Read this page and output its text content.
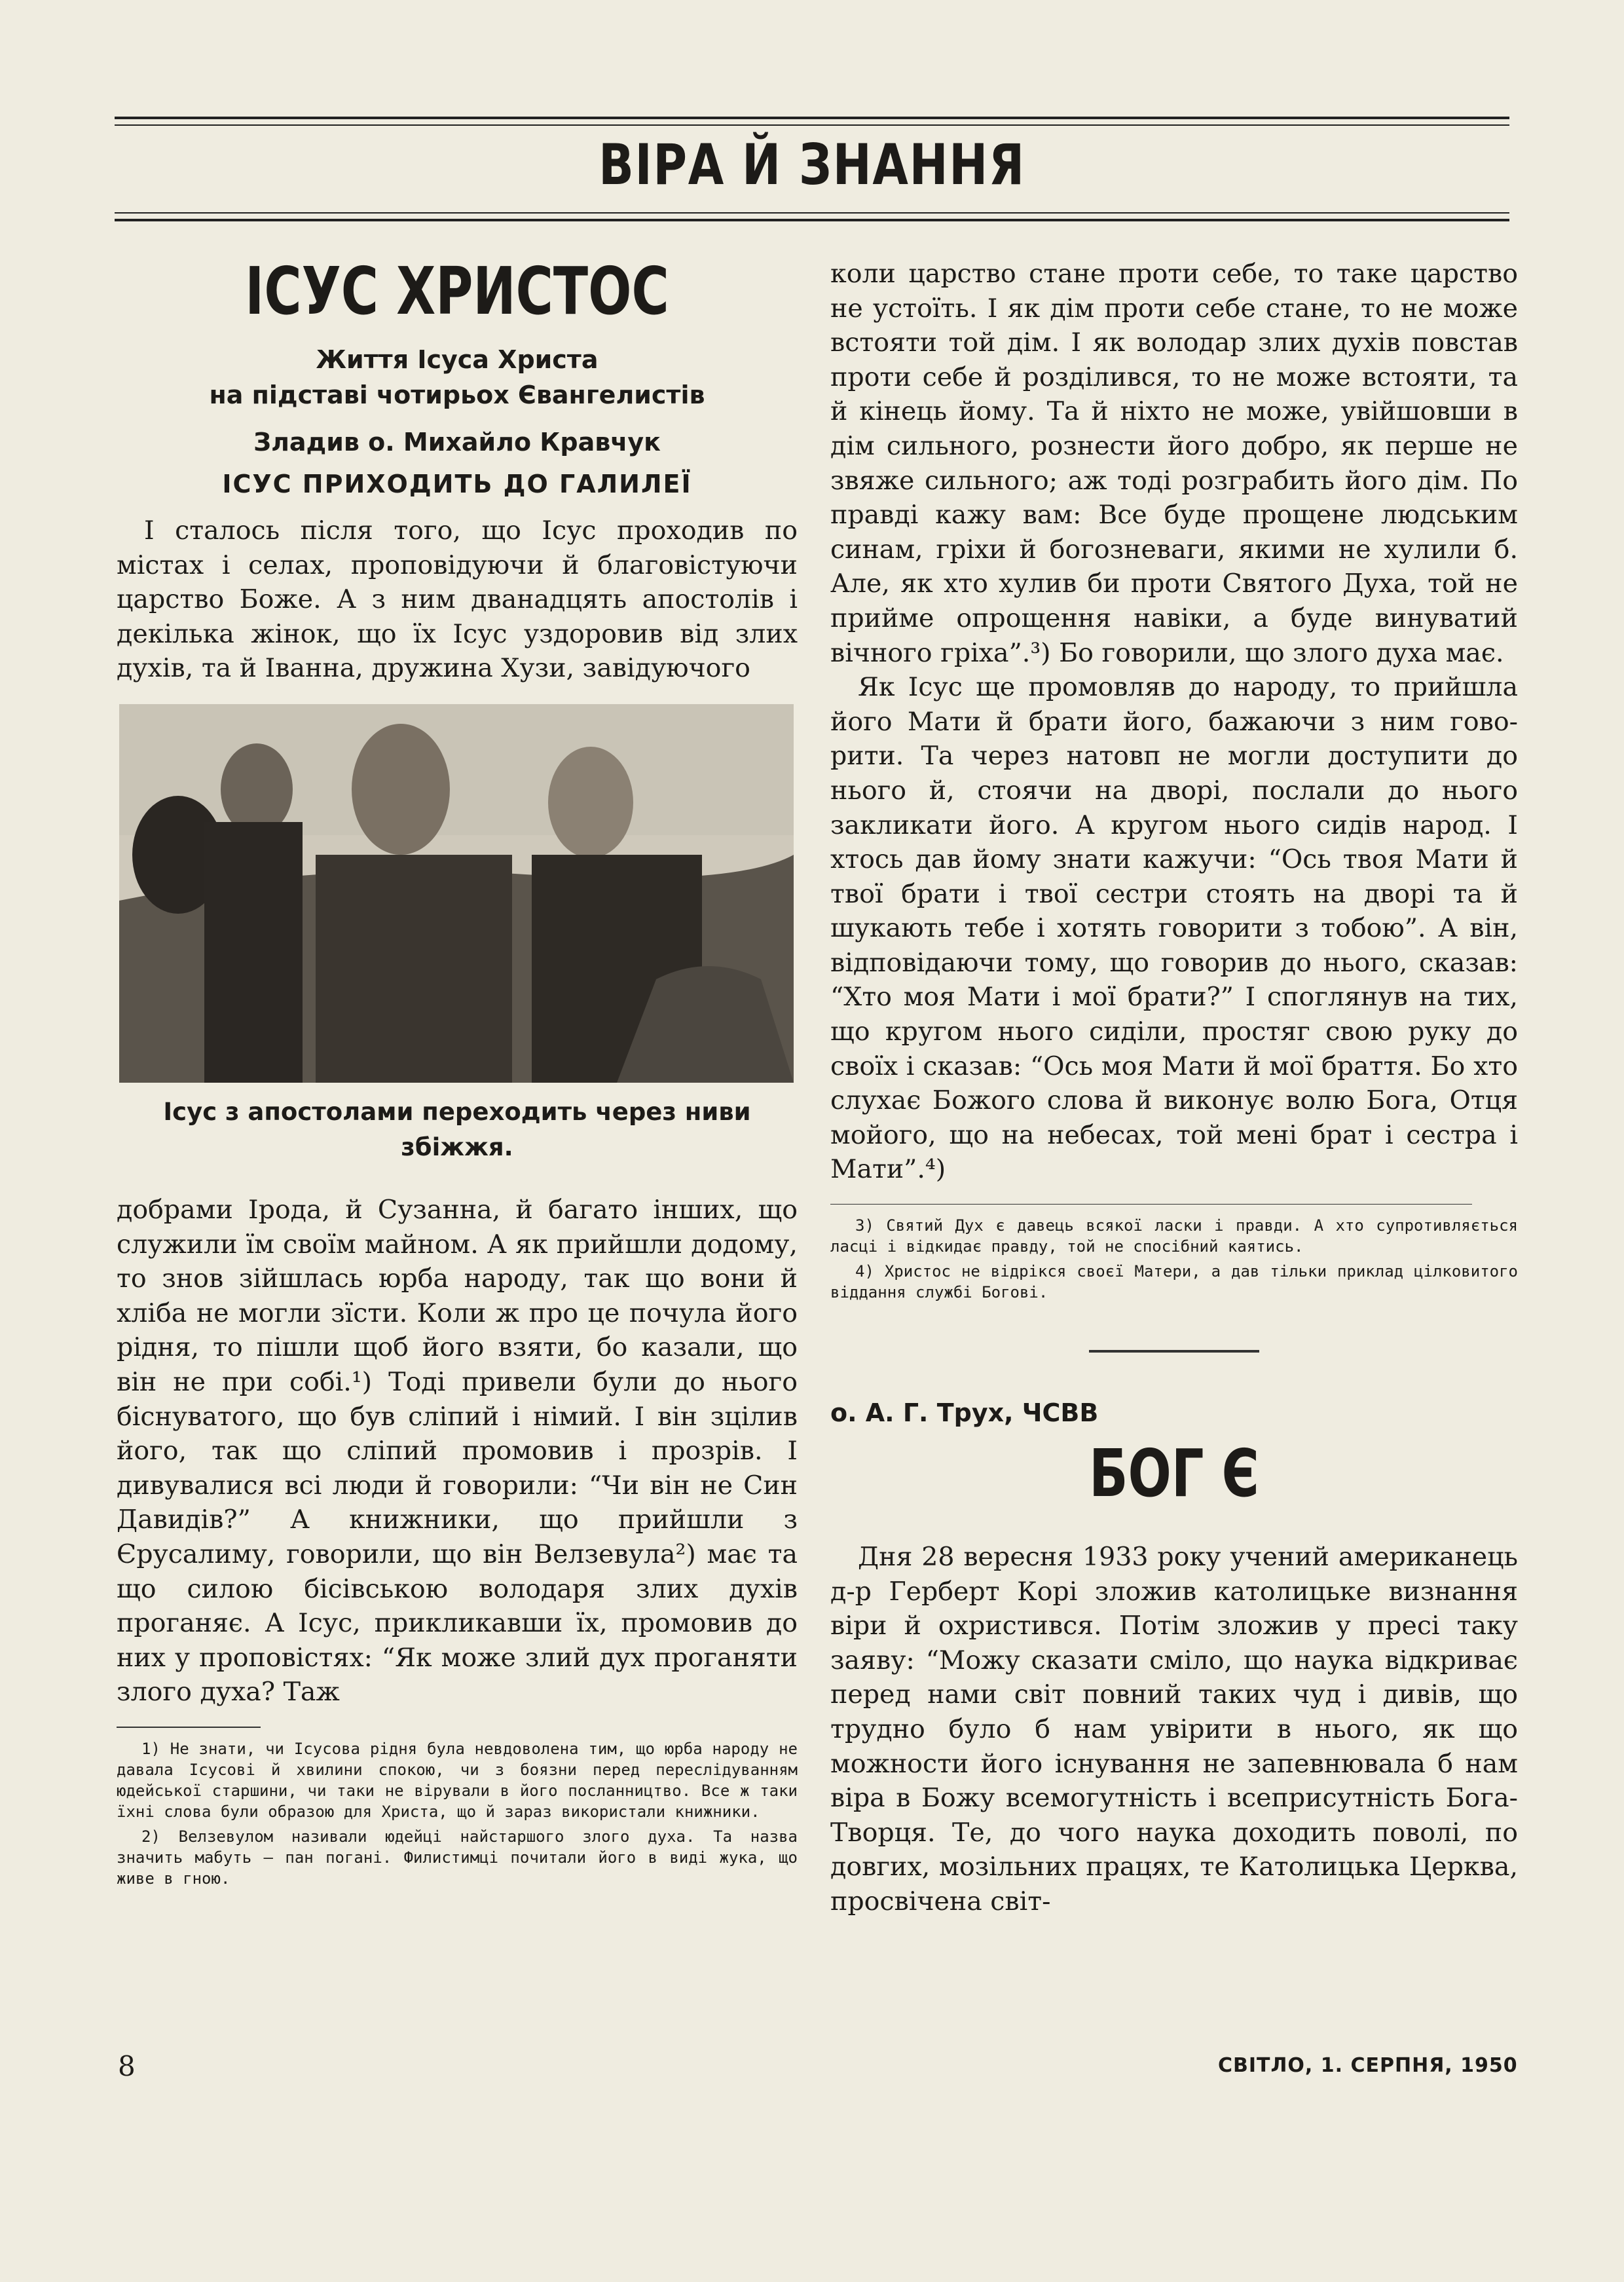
ВІРА Й ЗНАННЯ
ІСУС ХРИСТОС

Життя Ісуса Христа

на підставі чотирьох Євангелистів

Зладив о. Михайло Кравчук

ІСУС ПРИХОДИТЬ ДО ГАЛИЛЕЇ

І сталось після того, що Ісус проходив по містах і селах, проповідуючи й благовістуючи царство Боже. А з ним дванадцять апостолів і декілька жінок, що їх Ісус уздоровив від злих духів, та й Іванна, дружина Хузи, завідуючого

Ісус з апостолами переходить через ниви збіжжя.

добрами Ірода, й Сузанна, й багато інших, що служили їм своїм майном. А як прийшли додому, то знов зійшлась юрба народу, так що вони й хліба не могли зїсти. Коли ж про це почула його рідня, то пішли щоб його взяти, бо казали, що він не при собі.¹) Тоді привели були до нього біснуватого, що був сліпий і німий. І він зцілив його, так що сліпий промовив і прозрів. І дивувалися всі люди й говорили: “Чи він не Син Давидів?” А книжники, що прийшли з Єрусалиму, говорили, що він Велзевула²) має та що силою бісівською володаря злих духів проганяє. А Ісус, прикликавши їх, промовив до них у проповістях: “Як може злий дух проганяти злого духа? Таж

1) Не знати, чи Ісусова рідня була невдоволена тим, що юрба народу не давала Ісусові й хвилини спокою, чи з боязни перед переслідуванням юдейської старшини, чи таки не вірували в його посланництво. Все ж таки їхні слова були образою для Христа, що й зараз використали книжники.

2) Велзевулом називали юдейці найстаршого злого духа. Та назва значить мабуть — пан погані. Филистимці почитали його в виді жука, що живе в гною.

коли царство стане проти себе, то таке царство не устоїть. І як дім проти себе стане, то не може встояти той дім. І як володар злих духів повстав проти себе й розділився, то не може встояти, та й кінець йому. Та й ніхто не може, увійшовши в дім сильного, рознести його добро, як перше не звяже сильного; аж тоді розграбить його дім. По правді кажу вам: Все буде прощене людським синам, гріхи й богозневаги, якими не хулили б. Але, як хто хулив би проти Святого Духа, той не прийме опрощення навіки, а буде винуватий вічного гріха”.³) Бо говорили, що злого духа має.

Як Ісус ще промовляв до народу, то прийшла його Мати й брати його, бажаючи з ним говорити. Та через натовп не могли доступити до нього й, стоячи на дворі, послали до нього закликати його. А кругом нього сидів народ. І хтось дав йому знати кажучи: “Ось твоя Мати й твої брати і твої сестри стоять на дворі та й шукають тебе і хотять говорити з тобою”. А він, відповідаючи тому, що говорив до нього, сказав: “Хто моя Мати і мої брати?” І споглянув на тих, що кругом нього сиділи, простяг свою руку до своїх і сказав: “Ось моя Мати й мої браття. Бо хто слухає Божого слова й виконує волю Бога, Отця мойого, що на небесах, той мені брат і сестра і Мати”.⁴)

3) Святий Дух є давець всякої ласки і правди. А хто супротивляється ласці і відкидає правду, той не спосібний каятись.

4) Христос не відрікся своєї Матери, а дав тільки приклад цілковитого віддання службі Богові.

о. А. Г. Трух, ЧСВВ

БОГ Є

Дня 28 вересня 1933 року учений американець д-р Герберт Корі зложив католицьке визнання віри й охристився. Потім зложив у пресі таку заяву: “Можу сказати сміло, що наука відкриває перед нами світ повний таких чуд і дивів, що трудно було б нам увірити в нього, як що можности його існування не запевнювала б нам віра в Божу всемогутність і всеприсутність Бога-Творця. Те, до чого наука доходить поволі, по довгих, мозільних працях, те Католицька Церква, просвічена світ-

8	СВІТЛО, 1. СЕРПНЯ, 1950
